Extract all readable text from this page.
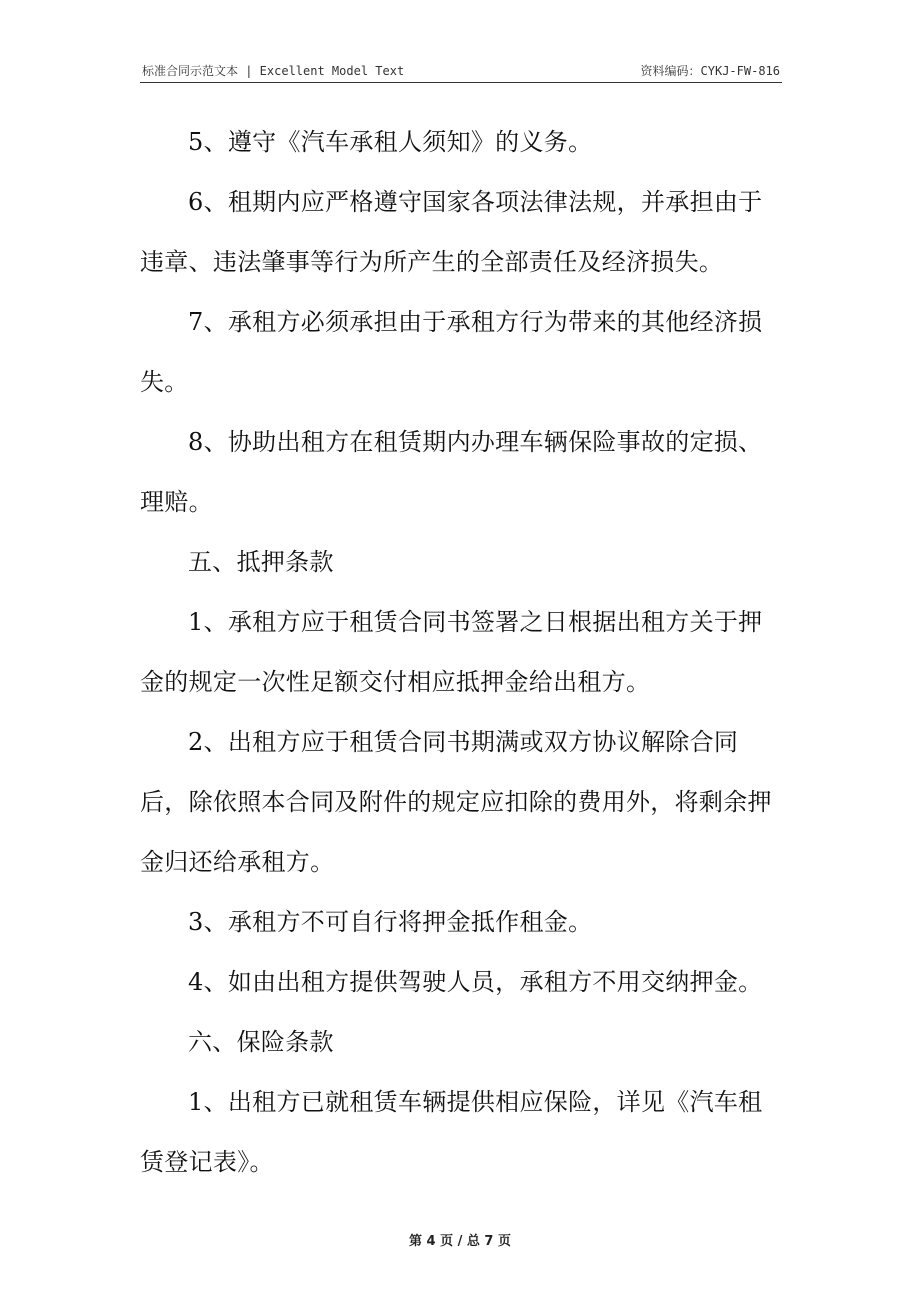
标准合同示范文本 | Excellent Model Text	资料编码：CYKJ-FW-816

5、遵守《汽车承租人须知》的义务。

6、租期内应严格遵守国家各项法律法规，并承担由于违章、违法肇事等行为所产生的全部责任及经济损失。

7、承租方必须承担由于承租方行为带来的其他经济损失。

8、协助出租方在租赁期内办理车辆保险事故的定损、理赔。

五、抵押条款

1、承租方应于租赁合同书签署之日根据出租方关于押金的规定一次性足额交付相应抵押金给出租方。

2、出租方应于租赁合同书期满或双方协议解除合同后，除依照本合同及附件的规定应扣除的费用外，将剩余押金归还给承租方。

3、承租方不可自行将押金抵作租金。

4、如由出租方提供驾驶人员，承租方不用交纳押金。

六、保险条款

1、出租方已就租赁车辆提供相应保险，详见《汽车租赁登记表》。

第 4 页 / 总 7 页
